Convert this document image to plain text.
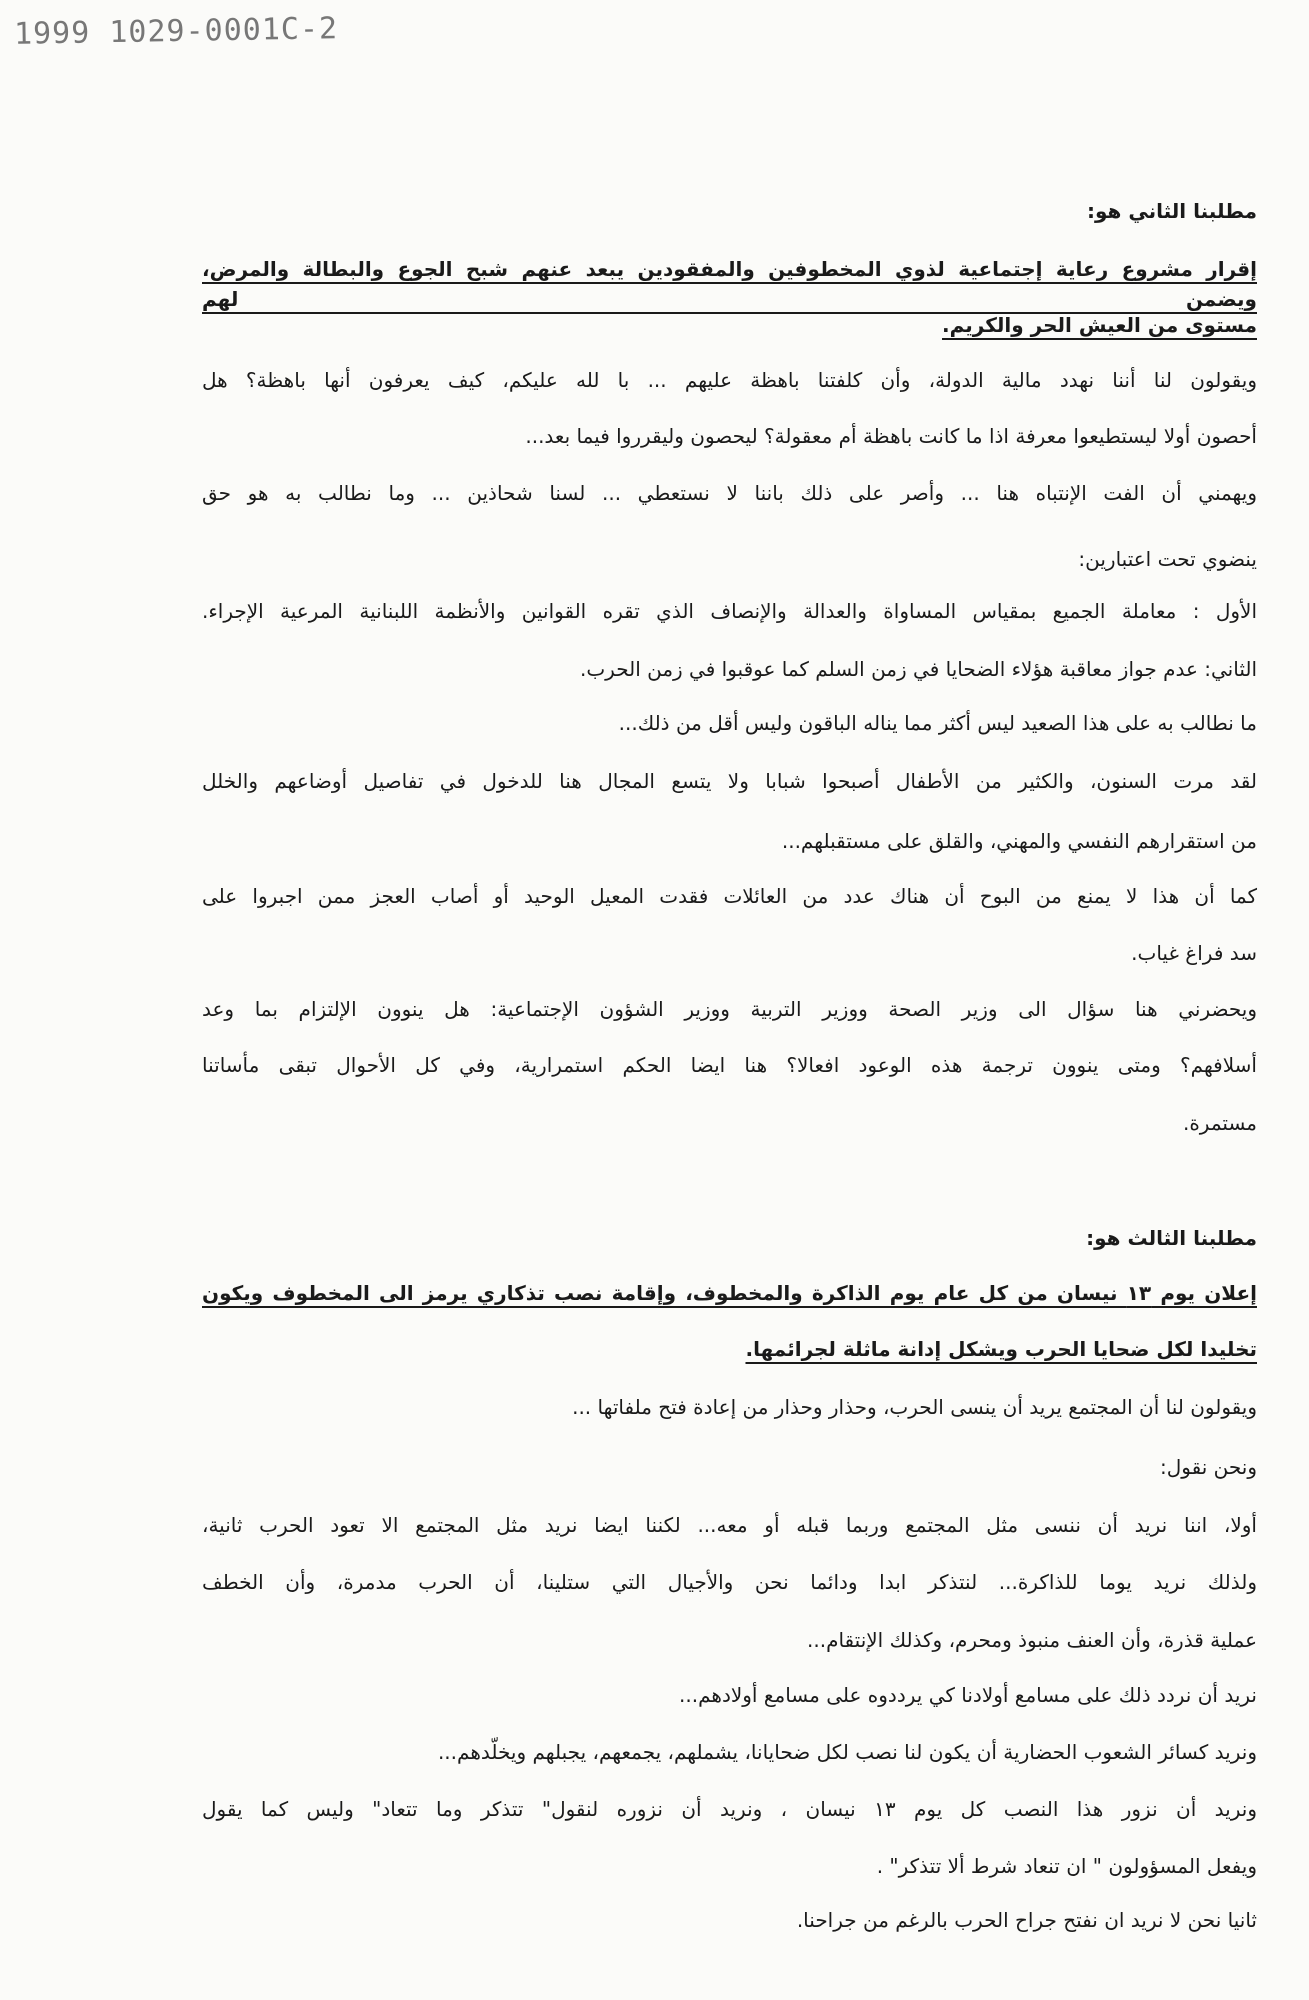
1999 1029-0001C-2
مطلبنا الثاني هو:
إقرار مشروع رعاية إجتماعية لذوي المخطوفين والمفقودين يبعد عنهم شبح الجوع والبطالة والمرض، ويضمن لهم
مستوى من العيش الحر والكريم.
ويقولون لنا أننا نهدد مالية الدولة، وأن كلفتنا باهظة عليهم ... با لله عليكم، كيف يعرفون أنها باهظة؟ هل
أحصون أولا ليستطيعوا معرفة اذا ما كانت باهظة أم معقولة؟ ليحصون وليقرروا فيما بعد...
ويهمني أن الفت الإنتباه هنا ... وأصر على ذلك باننا لا نستعطي ... لسنا شحاذين ... وما نطالب به هو حق
ينضوي تحت اعتبارين:
الأول : معاملة الجميع بمقياس المساواة والعدالة والإنصاف الذي تقره القوانين والأنظمة اللبنانية المرعية الإجراء.
الثاني: عدم جواز معاقبة هؤلاء الضحايا في زمن السلم كما عوقبوا في زمن الحرب.
ما نطالب به على هذا الصعيد ليس أكثر مما يناله الباقون وليس أقل من ذلك...
لقد مرت السنون، والكثير من الأطفال أصبحوا شبابا ولا يتسع المجال هنا للدخول في تفاصيل أوضاعهم والخلل
من استقرارهم النفسي والمهني، والقلق على مستقبلهم...
كما أن هذا لا يمنع من البوح أن هناك عدد من العائلات فقدت المعيل الوحيد أو أصاب العجز ممن اجبروا على
سد فراغ غياب.
ويحضرني هنا سؤال الى وزير الصحة ووزير التربية ووزير الشؤون الإجتماعية: هل ينوون الإلتزام بما وعد
أسلافهم؟ ومتى ينوون ترجمة هذه الوعود افعالا؟ هنا ايضا الحكم استمرارية، وفي كل الأحوال تبقى مأساتنا
مستمرة.
مطلبنا الثالث هو:
إعلان يوم ١٣ نيسان من كل عام يوم الذاكرة والمخطوف، وإقامة نصب تذكاري يرمز الى المخطوف ويكون
تخليدا لكل ضحايا الحرب ويشكل إدانة ماثلة لجرائمها.
ويقولون لنا أن المجتمع يريد أن ينسى الحرب، وحذار وحذار من إعادة فتح ملفاتها ...
ونحن نقول:
أولا، اننا نريد أن ننسى مثل المجتمع وربما قبله أو معه... لكننا ايضا نريد مثل المجتمع الا تعود الحرب ثانية،
ولذلك نريد يوما للذاكرة... لنتذكر ابدا ودائما نحن والأجيال التي ستلينا، أن الحرب مدمرة، وأن الخطف
عملية قذرة، وأن العنف منبوذ ومحرم، وكذلك الإنتقام...
نريد أن نردد ذلك على مسامع أولادنا كي يرددوه على مسامع أولادهم...
ونريد كسائر الشعوب الحضارية أن يكون لنا نصب لكل ضحايانا، يشملهم، يجمعهم، يجبلهم ويخلّدهم...
ونريد أن نزور هذا النصب كل يوم ١٣ نيسان ، ونريد أن نزوره لنقول" تتذكر وما تتعاد" وليس كما يقول
ويفعل المسؤولون " ان تنعاد شرط ألا تتذكر" .
ثانيا نحن لا نريد ان نفتح جراح الحرب بالرغم من جراحنا.
